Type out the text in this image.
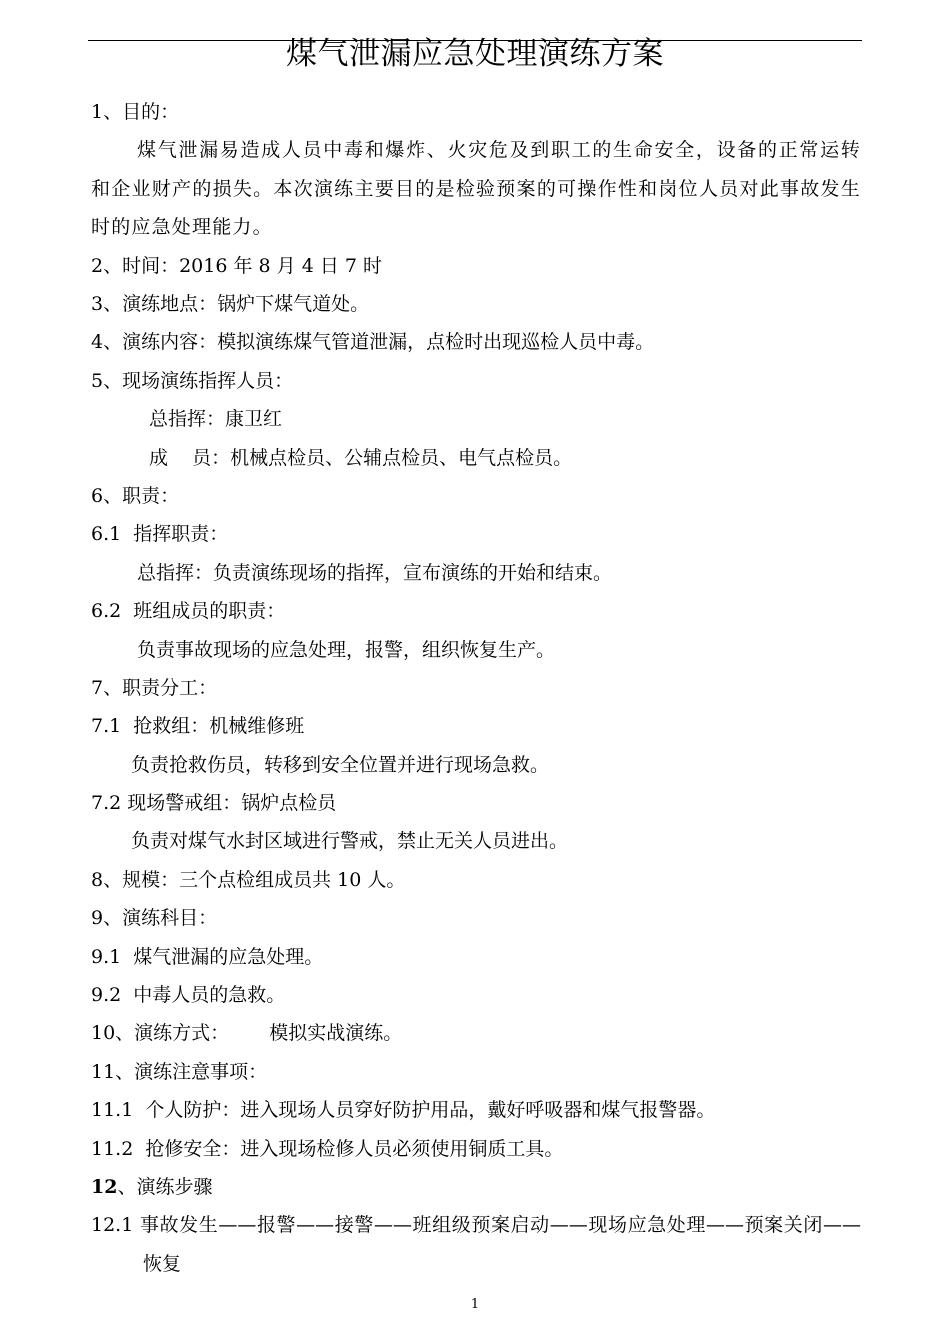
煤气泄漏应急处理演练方案
1、目的：
煤气泄漏易造成人员中毒和爆炸、火灾危及到职工的生命安全，设备的正常运转和企业财产的损失。本次演练主要目的是检验预案的可操作性和岗位人员对此事故发生时的应急处理能力。
2、时间：2016 年 8 月 4 日 7 时
3、演练地点：锅炉下煤气道处。
4、演练内容：模拟演练煤气管道泄漏，点检时出现巡检人员中毒。
5、现场演练指挥人员：
总指挥：康卫红
成    员：机械点检员、公辅点检员、电气点检员。
6、职责：
6.1  指挥职责：
总指挥：负责演练现场的指挥，宣布演练的开始和结束。
6.2  班组成员的职责：
负责事故现场的应急处理，报警，组织恢复生产。
7、职责分工：
7.1  抢救组：机械维修班
负责抢救伤员，转移到安全位置并进行现场急救。
7.2 现场警戒组：锅炉点检员
负责对煤气水封区域进行警戒，禁止无关人员进出。
8、规模：三个点检组成员共 10 人。
9、演练科目：
9.1  煤气泄漏的应急处理。
9.2  中毒人员的急救。
10、演练方式： 模拟实战演练。
11、演练注意事项：
11.1  个人防护：进入现场人员穿好防护用品，戴好呼吸器和煤气报警器。
11.2  抢修安全：进入现场检修人员必须使用铜质工具。
12、演练步骤
12.1 事故发生——报警——接警——班组级预案启动——现场应急处理——预案关闭——恢复
1
